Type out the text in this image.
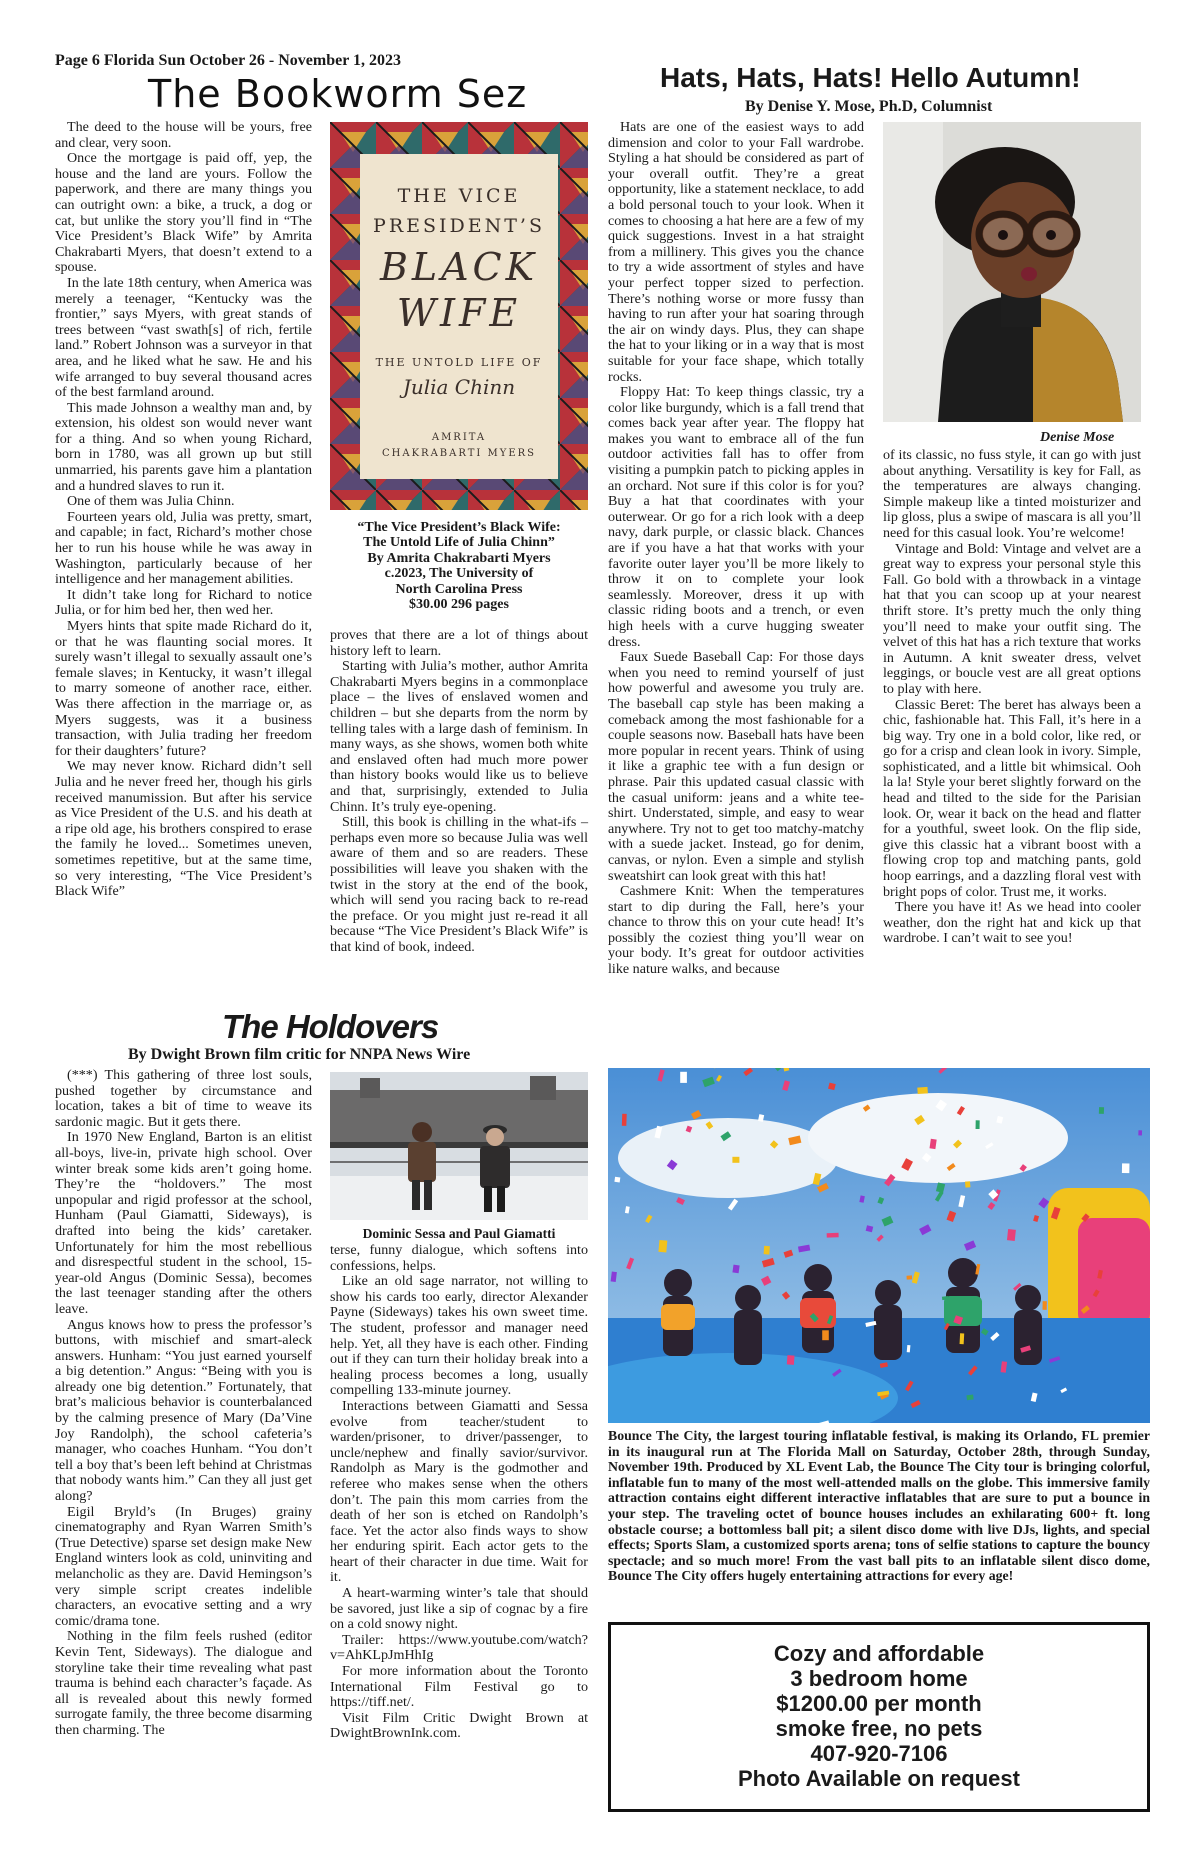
Page 6 Florida Sun October 26 - November 1, 2023
The Bookworm Sez

The deed to the house will be yours, free and clear, very soon.

Once the mortgage is paid off, yep, the house and the land are yours. Follow the paperwork, and there are many things you can outright own: a bike, a truck, a dog or cat, but unlike the story you’ll find in “The Vice President’s Black Wife” by Amrita Chakrabarti Myers, that doesn’t extend to a spouse.

In the late 18th century, when America was merely a teenager, “Kentucky was the frontier,” says Myers, with great stands of trees between “vast swath[s] of rich, fertile land.” Robert Johnson was a surveyor in that area, and he liked what he saw. He and his wife arranged to buy several thousand acres of the best farmland around.

This made Johnson a wealthy man and, by extension, his oldest son would never want for a thing. And so when young Richard, born in 1780, was all grown up but still unmarried, his parents gave him a plantation and a hundred slaves to run it.

One of them was Julia Chinn.

Fourteen years old, Julia was pretty, smart, and capable; in fact, Richard’s mother chose her to run his house while he was away in Washington, particularly because of her intelligence and her management abilities.

It didn’t take long for Richard to notice Julia, or for him bed her, then wed her.

Myers hints that spite made Richard do it, or that he was flaunting social mores. It surely wasn’t illegal to sexually assault one’s female slaves; in Kentucky, it wasn’t illegal to marry someone of another race, either. Was there affection in the marriage or, as Myers suggests, was it a business transaction, with Julia trading her freedom for their daughters’ future?

We may never know. Richard didn’t sell Julia and he never freed her, though his girls received manumission. But after his service as Vice President of the U.S. and his death at a ripe old age, his brothers conspired to erase the family he loved... Sometimes uneven, sometimes repetitive, but at the same time, so very interesting, “The Vice President’s Black Wife”

THE VICE
PRESIDENT’S
BLACK
WIFE
THE UNTOLD LIFE OF
Julia Chinn
AMRITA
CHAKRABARTI MYERS
“The Vice President’s Black Wife:
The Untold Life of Julia Chinn”
By Amrita Chakrabarti Myers
c.2023, The University of
North Carolina Press
$30.00 296 pages

proves that there are a lot of things about history left to learn.

Starting with Julia’s mother, author Amrita Chakrabarti Myers begins in a commonplace place – the lives of enslaved women and children – but she departs from the norm by telling tales with a large dash of feminism. In many ways, as she shows, women both white and enslaved often had much more power than history books would like us to believe and that, surprisingly, extended to Julia Chinn. It’s truly eye-opening.

Still, this book is chilling in the what-ifs – perhaps even more so because Julia was well aware of them and so are readers. These possibilities will leave you shaken with the twist in the story at the end of the book, which will send you racing back to re-read the preface. Or you might just re-read it all because “The Vice President’s Black Wife” is that kind of book, indeed.

Hats, Hats, Hats! Hello Autumn!
By Denise Y. Mose, Ph.D, Columnist

Hats are one of the easiest ways to add dimension and color to your Fall wardrobe. Styling a hat should be considered as part of your overall outfit. They’re a great opportunity, like a statement necklace, to add a bold personal touch to your look. When it comes to choosing a hat here are a few of my quick suggestions. Invest in a hat straight from a millinery. This gives you the chance to try a wide assortment of styles and have your perfect topper sized to perfection. There’s nothing worse or more fussy than having to run after your hat soaring through the air on windy days. Plus, they can shape the hat to your liking or in a way that is most suitable for your face shape, which totally rocks.

Floppy Hat: To keep things classic, try a color like burgundy, which is a fall trend that comes back year after year. The floppy hat makes you want to embrace all of the fun outdoor activities fall has to offer from visiting a pumpkin patch to picking apples in an orchard. Not sure if this color is for you? Buy a hat that coordinates with your outerwear. Or go for a rich look with a deep navy, dark purple, or classic black. Chances are if you have a hat that works with your favorite outer layer you’ll be more likely to throw it on to complete your look seamlessly. Moreover, dress it up with classic riding boots and a trench, or even high heels with a curve hugging sweater dress.

Faux Suede Baseball Cap: For those days when you need to remind yourself of just how powerful and awesome you truly are. The baseball cap style has been making a comeback among the most fashionable for a couple seasons now. Baseball hats have been more popular in recent years. Think of using it like a graphic tee with a fun design or phrase. Pair this updated casual classic with the casual uniform: jeans and a white tee-shirt. Understated, simple, and easy to wear anywhere. Try not to get too matchy-matchy with a suede jacket. Instead, go for denim, canvas, or nylon. Even a simple and stylish sweatshirt can look great with this hat!

Cashmere Knit: When the temperatures start to dip during the Fall, here’s your chance to throw this on your cute head! It’s possibly the coziest thing you’ll wear on your body. It’s great for outdoor activities like nature walks, and because

Denise Mose

of its classic, no fuss style, it can go with just about anything. Versatility is key for Fall, as the temperatures are always changing. Simple makeup like a tinted moisturizer and lip gloss, plus a swipe of mascara is all you’ll need for this casual look. You’re welcome!

Vintage and Bold: Vintage and velvet are a great way to express your personal style this Fall. Go bold with a throwback in a vintage hat that you can scoop up at your nearest thrift store. It’s pretty much the only thing you’ll need to make your outfit sing. The velvet of this hat has a rich texture that works in Autumn. A knit sweater dress, velvet leggings, or boucle vest are all great options to play with here.

Classic Beret: The beret has always been a chic, fashionable hat. This Fall, it’s here in a big way. Try one in a bold color, like red, or go for a crisp and clean look in ivory. Simple, sophisticated, and a little bit whimsical. Ooh la la! Style your beret slightly forward on the head and tilted to the side for the Parisian look. Or, wear it back on the head and flatter for a youthful, sweet look. On the flip side, give this classic hat a vibrant boost with a flowing crop top and matching pants, gold hoop earrings, and a dazzling floral vest with bright pops of color. Trust me, it works.

There you have it! As we head into cooler weather, don the right hat and kick up that wardrobe. I can’t wait to see you!

The Holdovers
By Dwight Brown film critic for NNPA News Wire

(***) This gathering of three lost souls, pushed together by circumstance and location, takes a bit of time to weave its sardonic magic. But it gets there.

In 1970 New England, Barton is an elitist all-boys, live-in, private high school. Over winter break some kids aren’t going home. They’re the “holdovers.” The most unpopular and rigid professor at the school, Hunham (Paul Giamatti, Sideways), is drafted into being the kids’ caretaker. Unfortunately for him the most rebellious and disrespectful student in the school, 15-year-old Angus (Dominic Sessa), becomes the last teenager standing after the others leave.

Angus knows how to press the professor’s buttons, with mischief and smart-aleck answers. Hunham: “You just earned yourself a big detention.” Angus: “Being with you is already one big detention.” Fortunately, that brat’s malicious behavior is counterbalanced by the calming presence of Mary (Da’Vine Joy Randolph), the school cafeteria’s manager, who coaches Hunham. “You don’t tell a boy that’s been left behind at Christmas that nobody wants him.” Can they all just get along?

Eigil Bryld’s (In Bruges) grainy cinematography and Ryan Warren Smith’s (True Detective) sparse set design make New England winters look as cold, uninviting and melancholic as they are. David Hemingson’s very simple script creates indelible characters, an evocative setting and a wry comic/drama tone.

Nothing in the film feels rushed (editor Kevin Tent, Sideways). The dialogue and storyline take their time revealing what past trauma is behind each character’s façade. As all is revealed about this newly formed surrogate family, the three become disarming then charming. The

Dominic Sessa and Paul Giamatti

terse, funny dialogue, which softens into confessions, helps.

Like an old sage narrator, not willing to show his cards too early, director Alexander Payne (Sideways) takes his own sweet time. The student, professor and manager need help. Yet, all they have is each other. Finding out if they can turn their holiday break into a healing process becomes a long, usually compelling 133-minute journey.

Interactions between Giamatti and Sessa evolve from teacher/student to warden/prisoner, to driver/passenger, to uncle/nephew and finally savior/survivor. Randolph as Mary is the godmother and referee who makes sense when the others don’t. The pain this mom carries from the death of her son is etched on Randolph’s face. Yet the actor also finds ways to show her enduring spirit. Each actor gets to the heart of their character in due time. Wait for it.

A heart-warming winter’s tale that should be savored, just like a sip of cognac by a fire on a cold snowy night.

Trailer: https://www.youtube.com/watch?v=AhKLpJmHhIg

For more information about the Toronto International Film Festival go to https://tiff.net/.

Visit Film Critic Dwight Brown at DwightBrownInk.com.

Bounce The City, the largest touring inflatable festival, is making its Orlando, FL premier in its inaugural run at The Florida Mall on Saturday, October 28th, through Sunday, November 19th. Produced by XL Event Lab, the Bounce The City tour is bringing colorful, inflatable fun to many of the most well-attended malls on the globe. This immersive family attraction contains eight different interactive inflatables that are sure to put a bounce in your step. The traveling octet of bounce houses includes an exhilarating 600+ ft. long obstacle course; a bottomless ball pit; a silent disco dome with live DJs, lights, and special effects; Sports Slam, a customized sports arena; tons of selfie stations to capture the bouncy spectacle; and so much more! From the vast ball pits to an inflatable silent disco dome, Bounce The City offers hugely entertaining attractions for every age!
Cozy and affordable
3 bedroom home
$1200.00 per month
smoke free, no pets
407-920-7106
Photo Available on request
